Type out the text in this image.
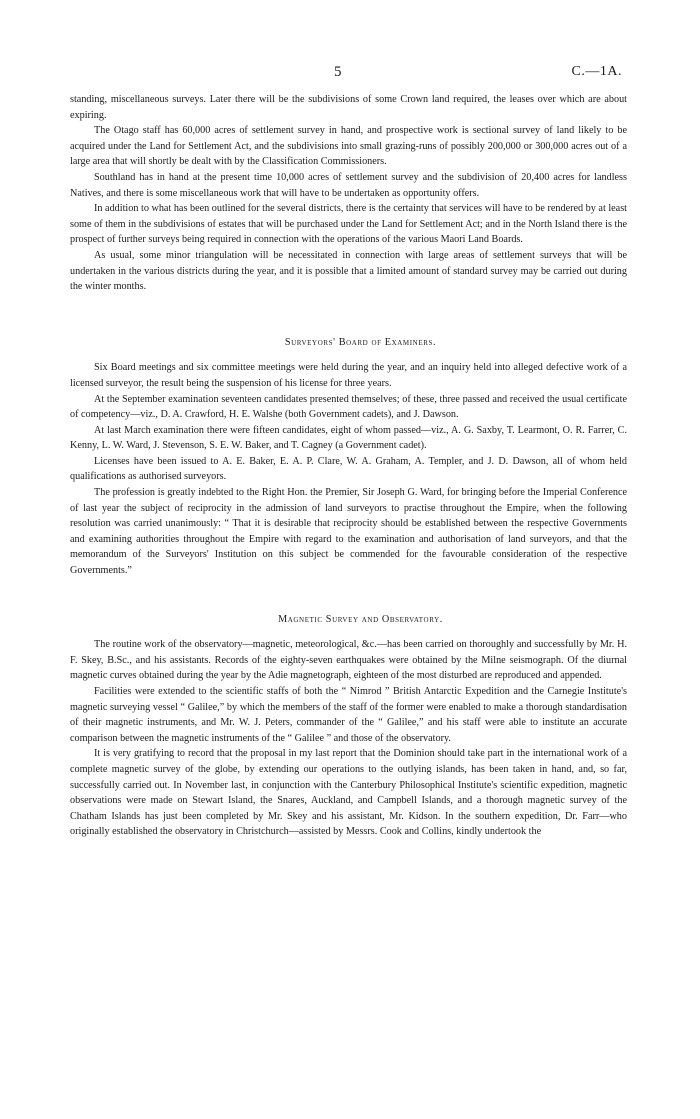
5	C.—1A.

standing, miscellaneous surveys. Later there will be the subdivisions of some Crown land required, the leases over which are about expiring.

The Otago staff has 60,000 acres of settlement survey in hand, and prospective work is sectional survey of land likely to be acquired under the Land for Settlement Act, and the subdivisions into small grazing-runs of possibly 200,000 or 300,000 acres out of a large area that will shortly be dealt with by the Classification Commissioners.

Southland has in hand at the present time 10,000 acres of settlement survey and the subdivision of 20,400 acres for landless Natives, and there is some miscellaneous work that will have to be undertaken as opportunity offers.

In addition to what has been outlined for the several districts, there is the certainty that services will have to be rendered by at least some of them in the subdivisions of estates that will be purchased under the Land for Settlement Act; and in the North Island there is the prospect of further surveys being required in connection with the operations of the various Maori Land Boards.

As usual, some minor triangulation will be necessitated in connection with large areas of settlement surveys that will be undertaken in the various districts during the year, and it is possible that a limited amount of standard survey may be carried out during the winter months.

Surveyors' Board of Examiners.

Six Board meetings and six committee meetings were held during the year, and an inquiry held into alleged defective work of a licensed surveyor, the result being the suspension of his license for three years.

At the September examination seventeen candidates presented themselves; of these, three passed and received the usual certificate of competency—viz., D. A. Crawford, H. E. Walshe (both Government cadets), and J. Dawson.

At last March examination there were fifteen candidates, eight of whom passed—viz., A. G. Saxby, T. Learmont, O. R. Farrer, C. Kenny, L. W. Ward, J. Stevenson, S. E. W. Baker, and T. Cagney (a Government cadet).

Licenses have been issued to A. E. Baker, E. A. P. Clare, W. A. Graham, A. Templer, and J. D. Dawson, all of whom held qualifications as authorised surveyors.

The profession is greatly indebted to the Right Hon. the Premier, Sir Joseph G. Ward, for bringing before the Imperial Conference of last year the subject of reciprocity in the admission of land surveyors to practise throughout the Empire, when the following resolution was carried unanimously: “ That it is desirable that reciprocity should be established between the respective Governments and examining authorities throughout the Empire with regard to the examination and authorisation of land surveyors, and that the memorandum of the Surveyors' Institution on this subject be commended for the favourable consideration of the respective Governments.”

Magnetic Survey and Observatory.

The routine work of the observatory—magnetic, meteorological, &c.—has been carried on thoroughly and successfully by Mr. H. F. Skey, B.Sc., and his assistants. Records of the eighty-seven earthquakes were obtained by the Milne seismograph. Of the diurnal magnetic curves obtained during the year by the Adie magnetograph, eighteen of the most disturbed are reproduced and appended.

Facilities were extended to the scientific staffs of both the “ Nimrod ” British Antarctic Expedition and the Carnegie Institute's magnetic surveying vessel “ Galilee,” by which the members of the staff of the former were enabled to make a thorough standardisation of their magnetic instruments, and Mr. W. J. Peters, commander of the “ Galilee,” and his staff were able to institute an accurate comparison between the magnetic instruments of the “ Galilee ” and those of the observatory.

It is very gratifying to record that the proposal in my last report that the Dominion should take part in the international work of a complete magnetic survey of the globe, by extending our operations to the outlying islands, has been taken in hand, and, so far, successfully carried out. In November last, in conjunction with the Canterbury Philosophical Institute's scientific expedition, magnetic observations were made on Stewart Island, the Snares, Auckland, and Campbell Islands, and a thorough magnetic survey of the Chatham Islands has just been completed by Mr. Skey and his assistant, Mr. Kidson. In the southern expedition, Dr. Farr—who originally established the observatory in Christchurch—assisted by Messrs. Cook and Collins, kindly undertook the
